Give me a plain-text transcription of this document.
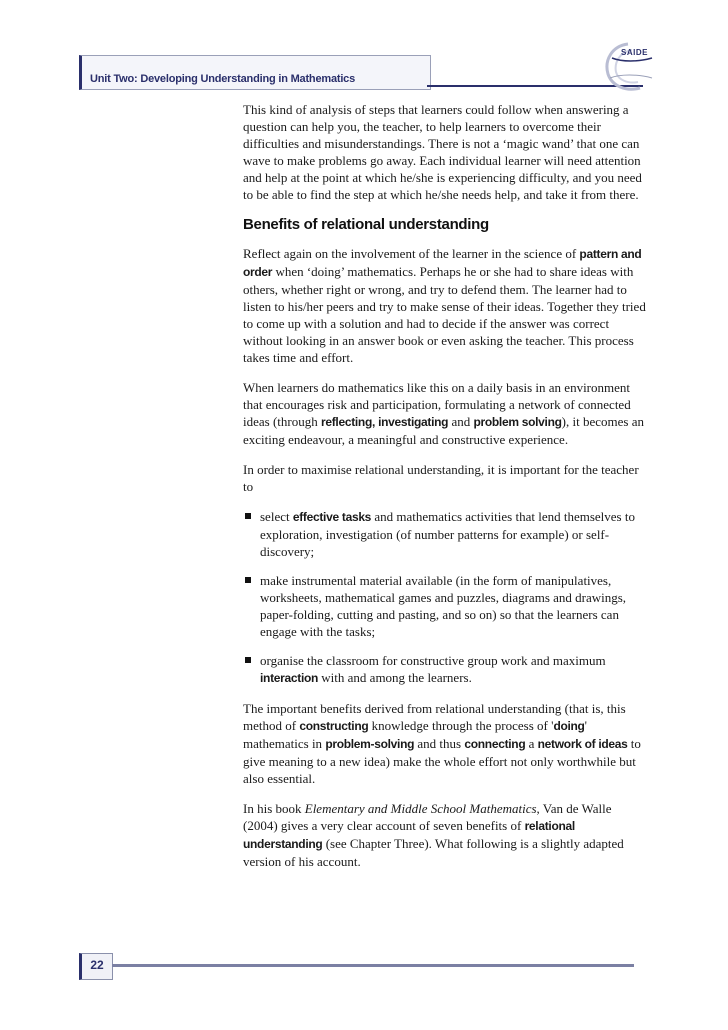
Unit Two: Developing Understanding in Mathematics
SAIDE

This kind of analysis of steps that learners could follow when answering a question can help you, the teacher, to help learners to overcome their difficulties and misunderstandings. There is not a ‘magic wand’ that one can wave to make problems go away. Each individual learner will need attention and help at the point at which he/she is experiencing difficulty, and you need to be able to find the step at which he/she needs help, and take it from there.

Benefits of relational understanding

Reflect again on the involvement of the learner in the science of pattern and order when ‘doing’ mathematics. Perhaps he or she had to share ideas with others, whether right or wrong, and try to defend them. The learner had to listen to his/her peers and try to make sense of their ideas. Together they tried to come up with a solution and had to decide if the answer was correct without looking in an answer book or even asking the teacher. This process takes time and effort.

When learners do mathematics like this on a daily basis in an environment that encourages risk and participation, formulating a network of connected ideas (through reflecting, investigating and problem solving), it becomes an exciting endeavour, a meaningful and constructive experience.

In order to maximise relational understanding, it is important for the teacher to

select effective tasks and mathematics activities that lend themselves to exploration, investigation (of number patterns for example) or self-discovery;
make instrumental material available (in the form of manipulatives, worksheets, mathematical games and puzzles, diagrams and drawings, paper-folding, cutting and pasting, and so on) so that the learners can engage with the tasks;
organise the classroom for constructive group work and maximum interaction with and among the learners.

The important benefits derived from relational understanding (that is, this method of constructing knowledge through the process of 'doing' mathematics in problem-solving and thus connecting a network of ideas to give meaning to a new idea) make the whole effort not only worthwhile but also essential.

In his book Elementary and Middle School Mathematics, Van de Walle (2004) gives a very clear account of seven benefits of relational understanding (see Chapter Three). What following is a slightly adapted version of his account.

22
